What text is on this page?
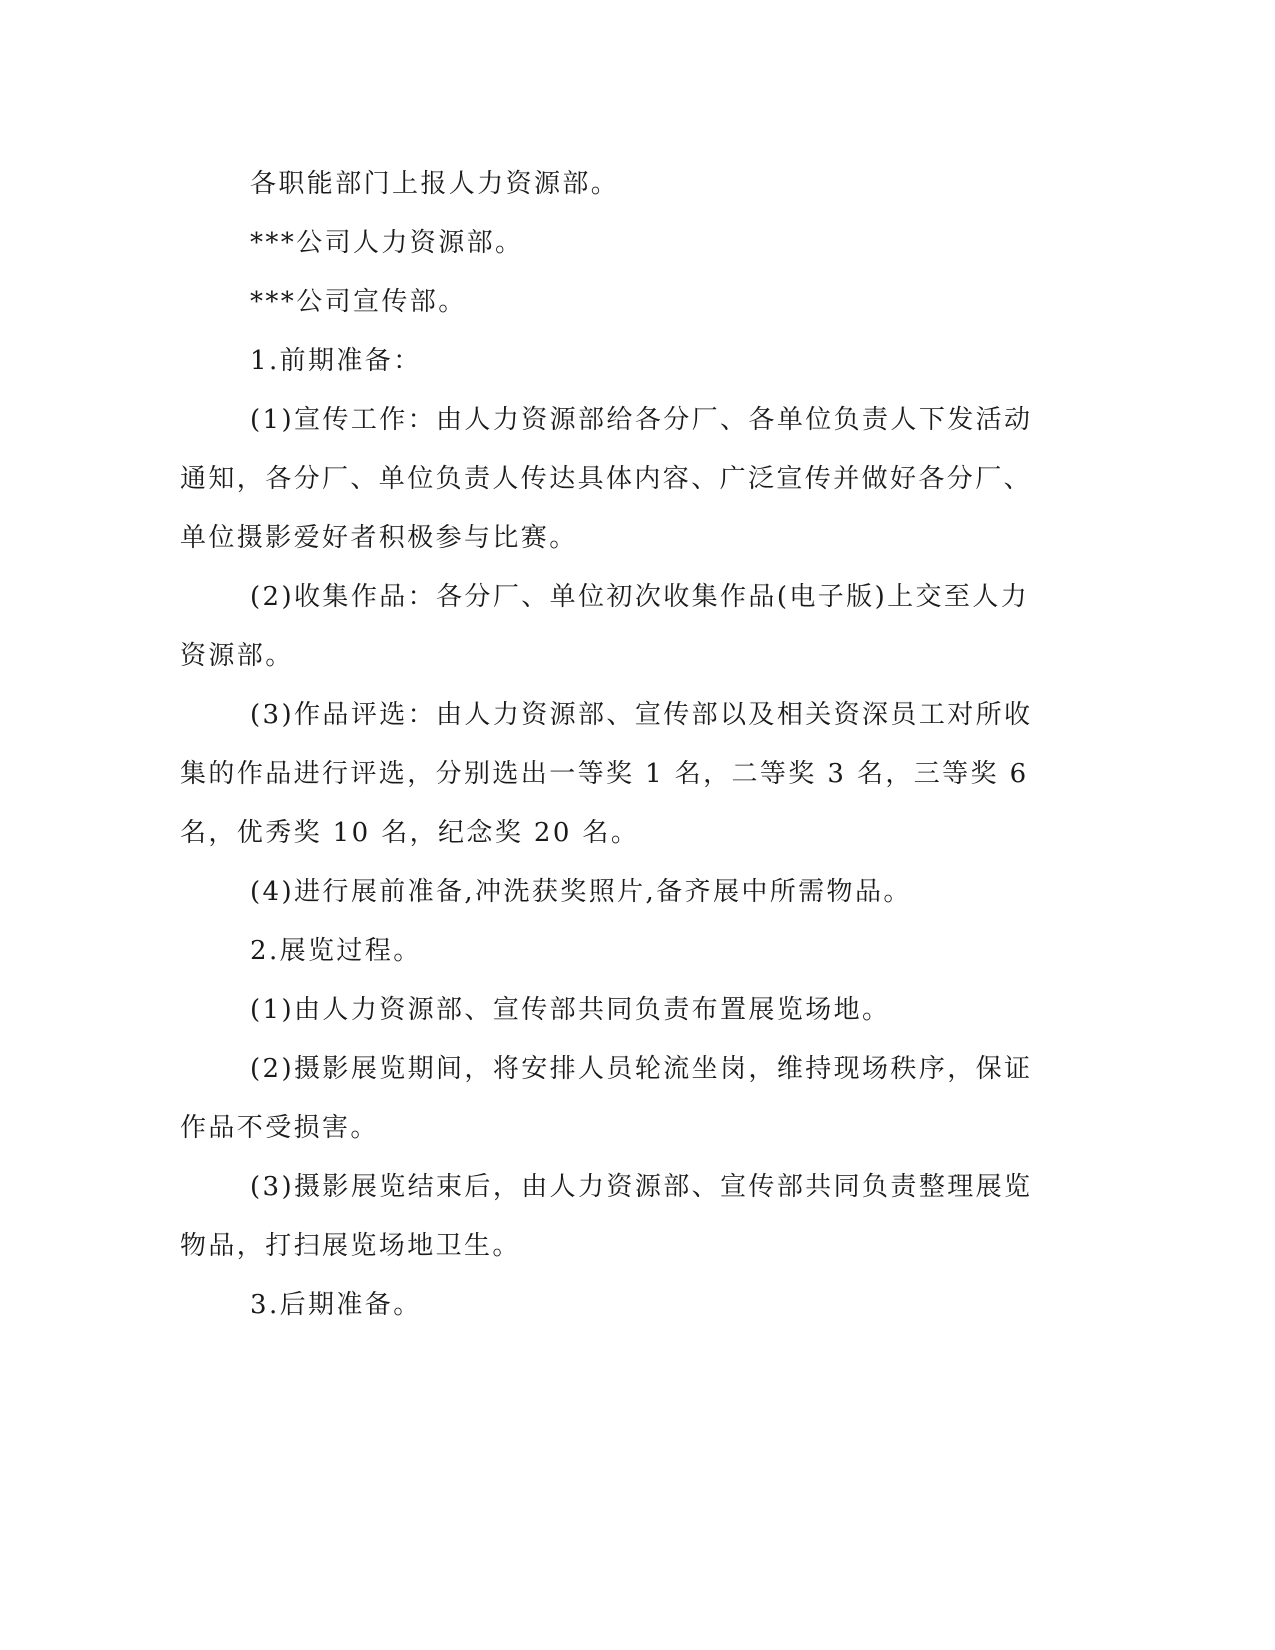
各职能部门上报人力资源部。

***公司人力资源部。

***公司宣传部。

1.前期准备：

(1)宣传工作：由人力资源部给各分厂、各单位负责人下发活动通知，各分厂、单位负责人传达具体内容、广泛宣传并做好各分厂、单位摄影爱好者积极参与比赛。

(2)收集作品：各分厂、单位初次收集作品(电子版)上交至人力资源部。

(3)作品评选：由人力资源部、宣传部以及相关资深员工对所收集的作品进行评选，分别选出一等奖 1 名，二等奖 3 名，三等奖 6 名，优秀奖 10 名，纪念奖 20 名。

(4)进行展前准备,冲洗获奖照片,备齐展中所需物品。

2.展览过程。

(1)由人力资源部、宣传部共同负责布置展览场地。

(2)摄影展览期间，将安排人员轮流坐岗，维持现场秩序，保证作品不受损害。

(3)摄影展览结束后，由人力资源部、宣传部共同负责整理展览物品，打扫展览场地卫生。

3.后期准备。
